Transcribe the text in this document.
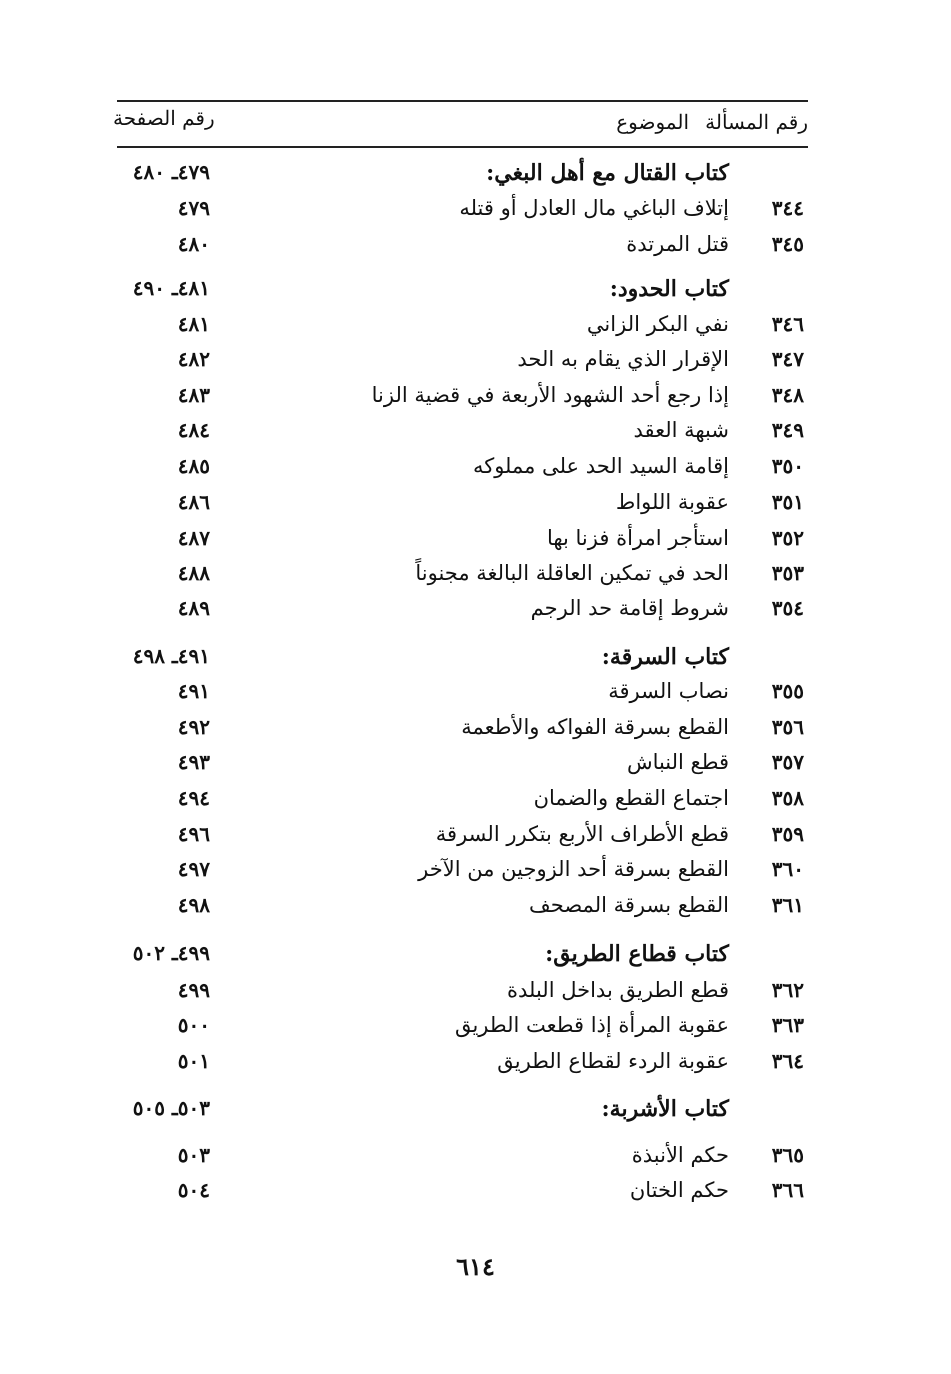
رقم المسألة
الموضوع
رقم الصفحة
كتاب القتال مع أهل البغي:
٤٧٩ـ ٤٨٠
٣٤٤
إتلاف الباغي مال العادل أو قتله
٤٧٩
٣٤٥
قتل المرتدة
٤٨٠
كتاب الحدود:
٤٨١ـ ٤٩٠
٣٤٦
نفي البكر الزاني
٤٨١
٣٤٧
الإقرار الذي يقام به الحد
٤٨٢
٣٤٨
إذا رجع أحد الشهود الأربعة في قضية الزنا
٤٨٣
٣٤٩
شبهة العقد
٤٨٤
٣٥٠
إقامة السيد الحد على مملوكه
٤٨٥
٣٥١
عقوبة اللواط
٤٨٦
٣٥٢
استأجر امرأة فزنا بها
٤٨٧
٣٥٣
الحد في تمكين العاقلة البالغة مجنوناً
٤٨٨
٣٥٤
شروط إقامة حد الرجم
٤٨٩
كتاب السرقة:
٤٩١ـ ٤٩٨
٣٥٥
نصاب السرقة
٤٩١
٣٥٦
القطع بسرقة الفواكه والأطعمة
٤٩٢
٣٥٧
قطع النباش
٤٩٣
٣٥٨
اجتماع القطع والضمان
٤٩٤
٣٥٩
قطع الأطراف الأربع بتكرر السرقة
٤٩٦
٣٦٠
القطع بسرقة أحد الزوجين من الآخر
٤٩٧
٣٦١
القطع بسرقة المصحف
٤٩٨
كتاب قطاع الطريق:
٤٩٩ـ ٥٠٢
٣٦٢
قطع الطريق بداخل البلدة
٤٩٩
٣٦٣
عقوبة المرأة إذا قطعت الطريق
٥٠٠
٣٦٤
عقوبة الردء لقطاع الطريق
٥٠١
كتاب الأشربة:
٥٠٣ـ ٥٠٥
٣٦٥
حكم الأنبذة
٥٠٣
٣٦٦
حكم الختان
٥٠٤
٦١٤
